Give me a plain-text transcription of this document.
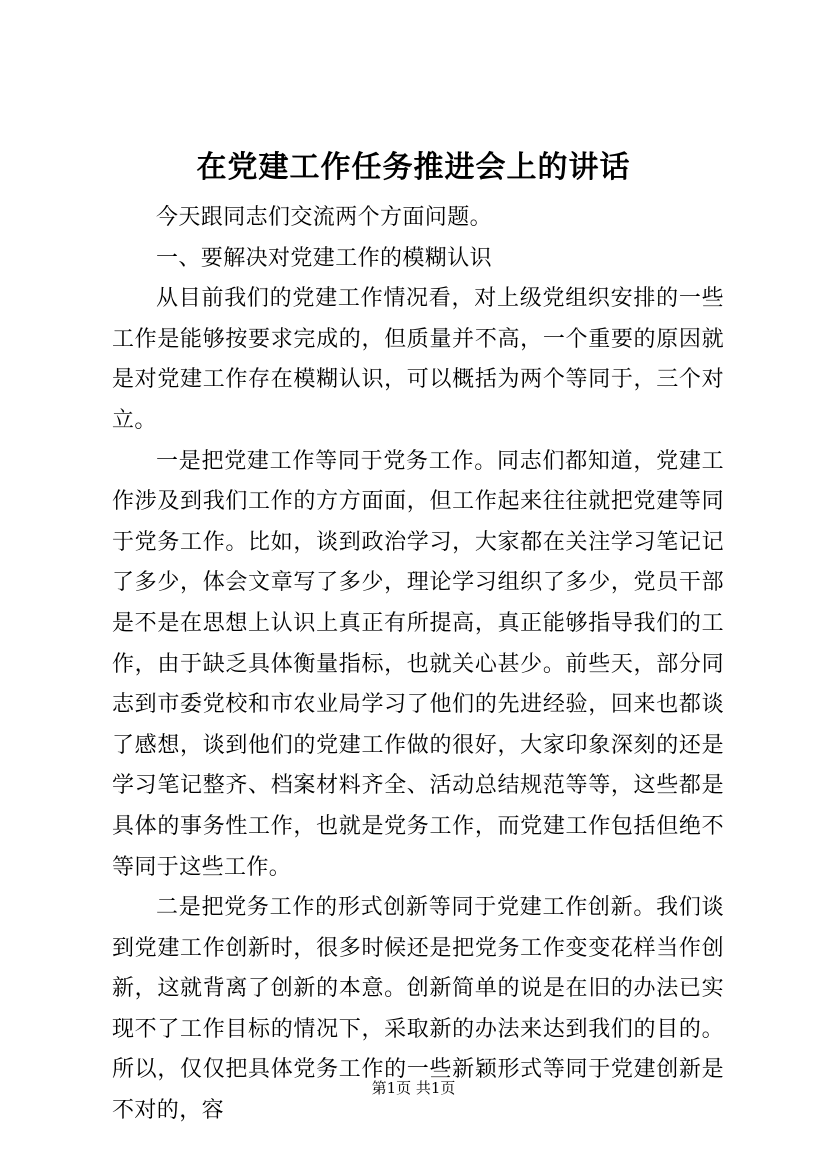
在党建工作任务推进会上的讲话

今天跟同志们交流两个方面问题。

一、要解决对党建工作的模糊认识

从目前我们的党建工作情况看，对上级党组织安排的一些工作是能够按要求完成的，但质量并不高，一个重要的原因就是对党建工作存在模糊认识，可以概括为两个等同于，三个对立。

一是把党建工作等同于党务工作。同志们都知道，党建工作涉及到我们工作的方方面面，但工作起来往往就把党建等同于党务工作。比如，谈到政治学习，大家都在关注学习笔记记了多少，体会文章写了多少，理论学习组织了多少，党员干部是不是在思想上认识上真正有所提高，真正能够指导我们的工作，由于缺乏具体衡量指标，也就关心甚少。前些天，部分同志到市委党校和市农业局学习了他们的先进经验，回来也都谈了感想，谈到他们的党建工作做的很好，大家印象深刻的还是学习笔记整齐、档案材料齐全、活动总结规范等等，这些都是具体的事务性工作，也就是党务工作，而党建工作包括但绝不等同于这些工作。

二是把党务工作的形式创新等同于党建工作创新。我们谈到党建工作创新时，很多时候还是把党务工作变变花样当作创新，这就背离了创新的本意。创新简单的说是在旧的办法已实现不了工作目标的情况下，采取新的办法来达到我们的目的。所以，仅仅把具体党务工作的一些新颖形式等同于党建创新是不对的，容

第1页 共1页
